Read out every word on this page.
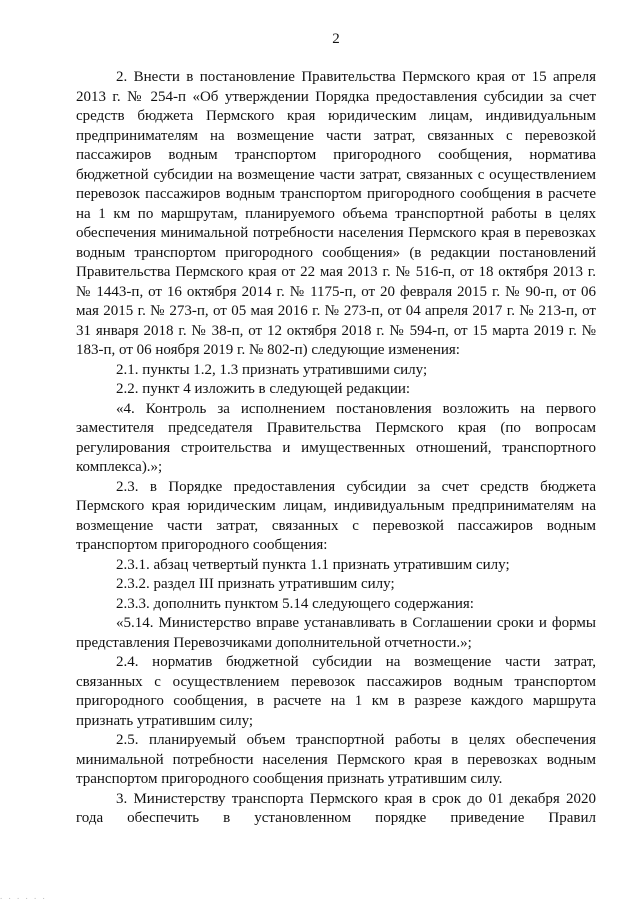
2

2. Внести в постановление Правительства Пермского края от 15 апреля 2013 г. № 254-п «Об утверждении Порядка предоставления субсидии за счет средств бюджета Пермского края юридическим лицам, индивидуальным предпринимателям на возмещение части затрат, связанных с перевозкой пассажиров водным транспортом пригородного сообщения, норматива бюджетной субсидии на возмещение части затрат, связанных с осуществлением перевозок пассажиров водным транспортом пригородного сообщения в расчете на 1 км по маршрутам, планируемого объема транспортной работы в целях обеспечения минимальной потребности населения Пермского края в перевозках водным транспортом пригородного сообщения» (в редакции постановлений Правительства Пермского края от 22 мая 2013 г. № 516-п, от 18 октября 2013 г. № 1443-п, от 16 октября 2014 г. № 1175-п, от 20 февраля 2015 г. № 90-п, от 06 мая 2015 г. № 273-п, от 05 мая 2016 г. № 273-п, от 04 апреля 2017 г. № 213-п, от 31 января 2018 г. № 38-п, от 12 октября 2018 г. № 594-п, от 15 марта 2019 г. № 183-п, от 06 ноября 2019 г. № 802-п) следующие изменения:

2.1. пункты 1.2, 1.3 признать утратившими силу;

2.2. пункт 4 изложить в следующей редакции:

«4. Контроль за исполнением постановления возложить на первого заместителя председателя Правительства Пермского края (по вопросам регулирования строительства и имущественных отношений, транспортного комплекса).»;

2.3. в Порядке предоставления субсидии за счет средств бюджета Пермского края юридическим лицам, индивидуальным предпринимателям на возмещение части затрат, связанных с перевозкой пассажиров водным транспортом пригородного сообщения:

2.3.1. абзац четвертый пункта 1.1 признать утратившим силу;

2.3.2. раздел III признать утратившим силу;

2.3.3. дополнить пунктом 5.14 следующего содержания:

«5.14. Министерство вправе устанавливать в Соглашении сроки и формы представления Перевозчиками дополнительной отчетности.»;

2.4. норматив бюджетной субсидии на возмещение части затрат, связанных с осуществлением перевозок пассажиров водным транспортом пригородного сообщения, в расчете на 1 км в разрезе каждого маршрута признать утратившим силу;

2.5. планируемый объем транспортной работы в целях обеспечения минимальной потребности населения Пермского края в перевозках водным транспортом пригородного сообщения признать утратившим силу.

3. Министерству транспорта Пермского края в срок до 01 декабря 2020 года обеспечить в установленном порядке приведение Правил

. . . . . .
